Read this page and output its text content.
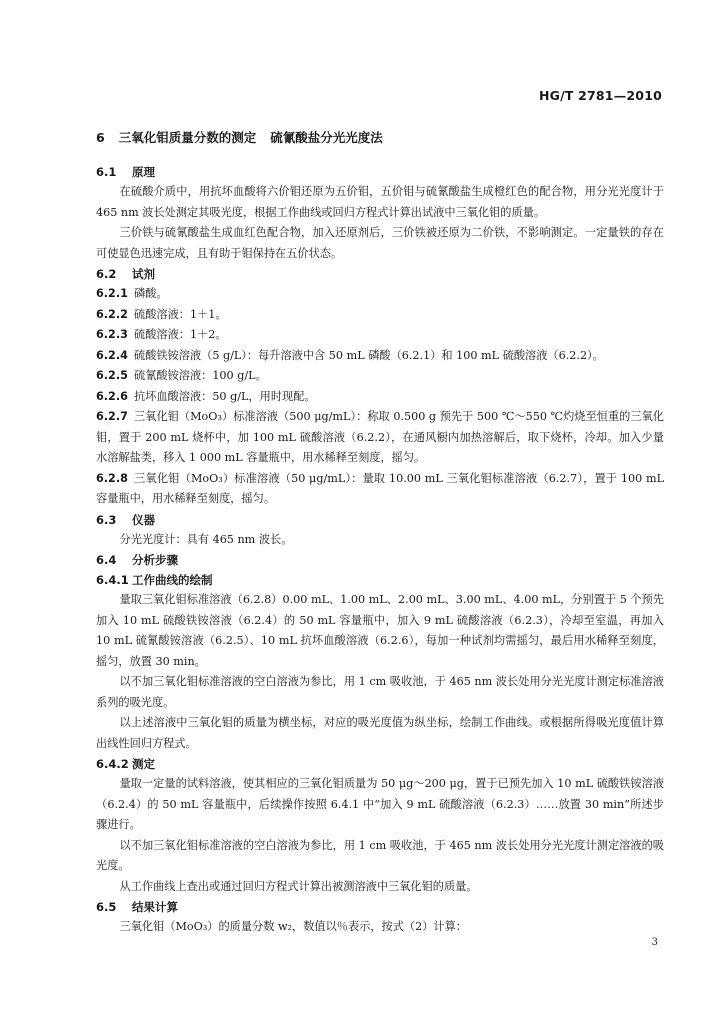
HG/T 2781—2010
6 三氧化钼质量分数的测定 硫氰酸盐分光光度法
6.1 原理

在硫酸介质中，用抗坏血酸将六价钼还原为五价钼，五价钼与硫氰酸盐生成橙红色的配合物，用分光光度计于 465 nm 波长处测定其吸光度，根据工作曲线或回归方程式计算出试液中三氧化钼的质量。

三价铁与硫氰酸盐生成血红色配合物，加入还原剂后，三价铁被还原为二价铁，不影响测定。一定量铁的存在可使显色迅速完成，且有助于钼保持在五价状态。

6.2 试剂

6.2.1 磷酸。

6.2.2 硫酸溶液：1＋1。

6.2.3 硫酸溶液：1＋2。

6.2.4 硫酸铁铵溶液（5 g/L）：每升溶液中含 50 mL 磷酸（6.2.1）和 100 mL 硫酸溶液（6.2.2）。

6.2.5 硫氰酸铵溶液：100 g/L。

6.2.6 抗坏血酸溶液：50 g/L，用时现配。

6.2.7 三氧化钼（MoO₃）标准溶液（500 μg/mL）：称取 0.500 g 预先于 500 ℃～550 ℃灼烧至恒重的三氧化钼，置于 200 mL 烧杯中，加 100 mL 硫酸溶液（6.2.2），在通风橱内加热溶解后，取下烧杯，冷却。加入少量水溶解盐类，移入 1 000 mL 容量瓶中，用水稀释至刻度，摇匀。

6.2.8 三氧化钼（MoO₃）标准溶液（50 μg/mL）：量取 10.00 mL 三氧化钼标准溶液（6.2.7），置于 100 mL 容量瓶中，用水稀释至刻度，摇匀。

6.3 仪器

分光光度计：具有 465 nm 波长。

6.4 分析步骤
6.4.1 工作曲线的绘制

量取三氧化钼标准溶液（6.2.8）0.00 mL、1.00 mL、2.00 mL、3.00 mL、4.00 mL，分别置于 5 个预先加入 10 mL 硫酸铁铵溶液（6.2.4）的 50 mL 容量瓶中，加入 9 mL 硫酸溶液（6.2.3），冷却至室温，再加入 10 mL 硫氰酸铵溶液（6.2.5）、10 mL 抗坏血酸溶液（6.2.6），每加一种试剂均需摇匀，最后用水稀释至刻度，摇匀，放置 30 min。

以不加三氧化钼标准溶液的空白溶液为参比，用 1 cm 吸收池，于 465 nm 波长处用分光光度计测定标准溶液系列的吸光度。

以上述溶液中三氧化钼的质量为横坐标，对应的吸光度值为纵坐标，绘制工作曲线。或根据所得吸光度值计算出线性回归方程式。

6.4.2 测定

量取一定量的试料溶液，使其相应的三氧化钼质量为 50 μg～200 μg，置于已预先加入 10 mL 硫酸铁铵溶液（6.2.4）的 50 mL 容量瓶中，后续操作按照 6.4.1 中“加入 9 mL 硫酸溶液（6.2.3）……放置 30 min”所述步骤进行。

以不加三氧化钼标准溶液的空白溶液为参比，用 1 cm 吸收池，于 465 nm 波长处用分光光度计测定溶液的吸光度。

从工作曲线上查出或通过回归方程式计算出被测溶液中三氧化钼的质量。

6.5 结果计算

三氧化钼（MoO₃）的质量分数 w₂，数值以％表示，按式（2）计算：

3
